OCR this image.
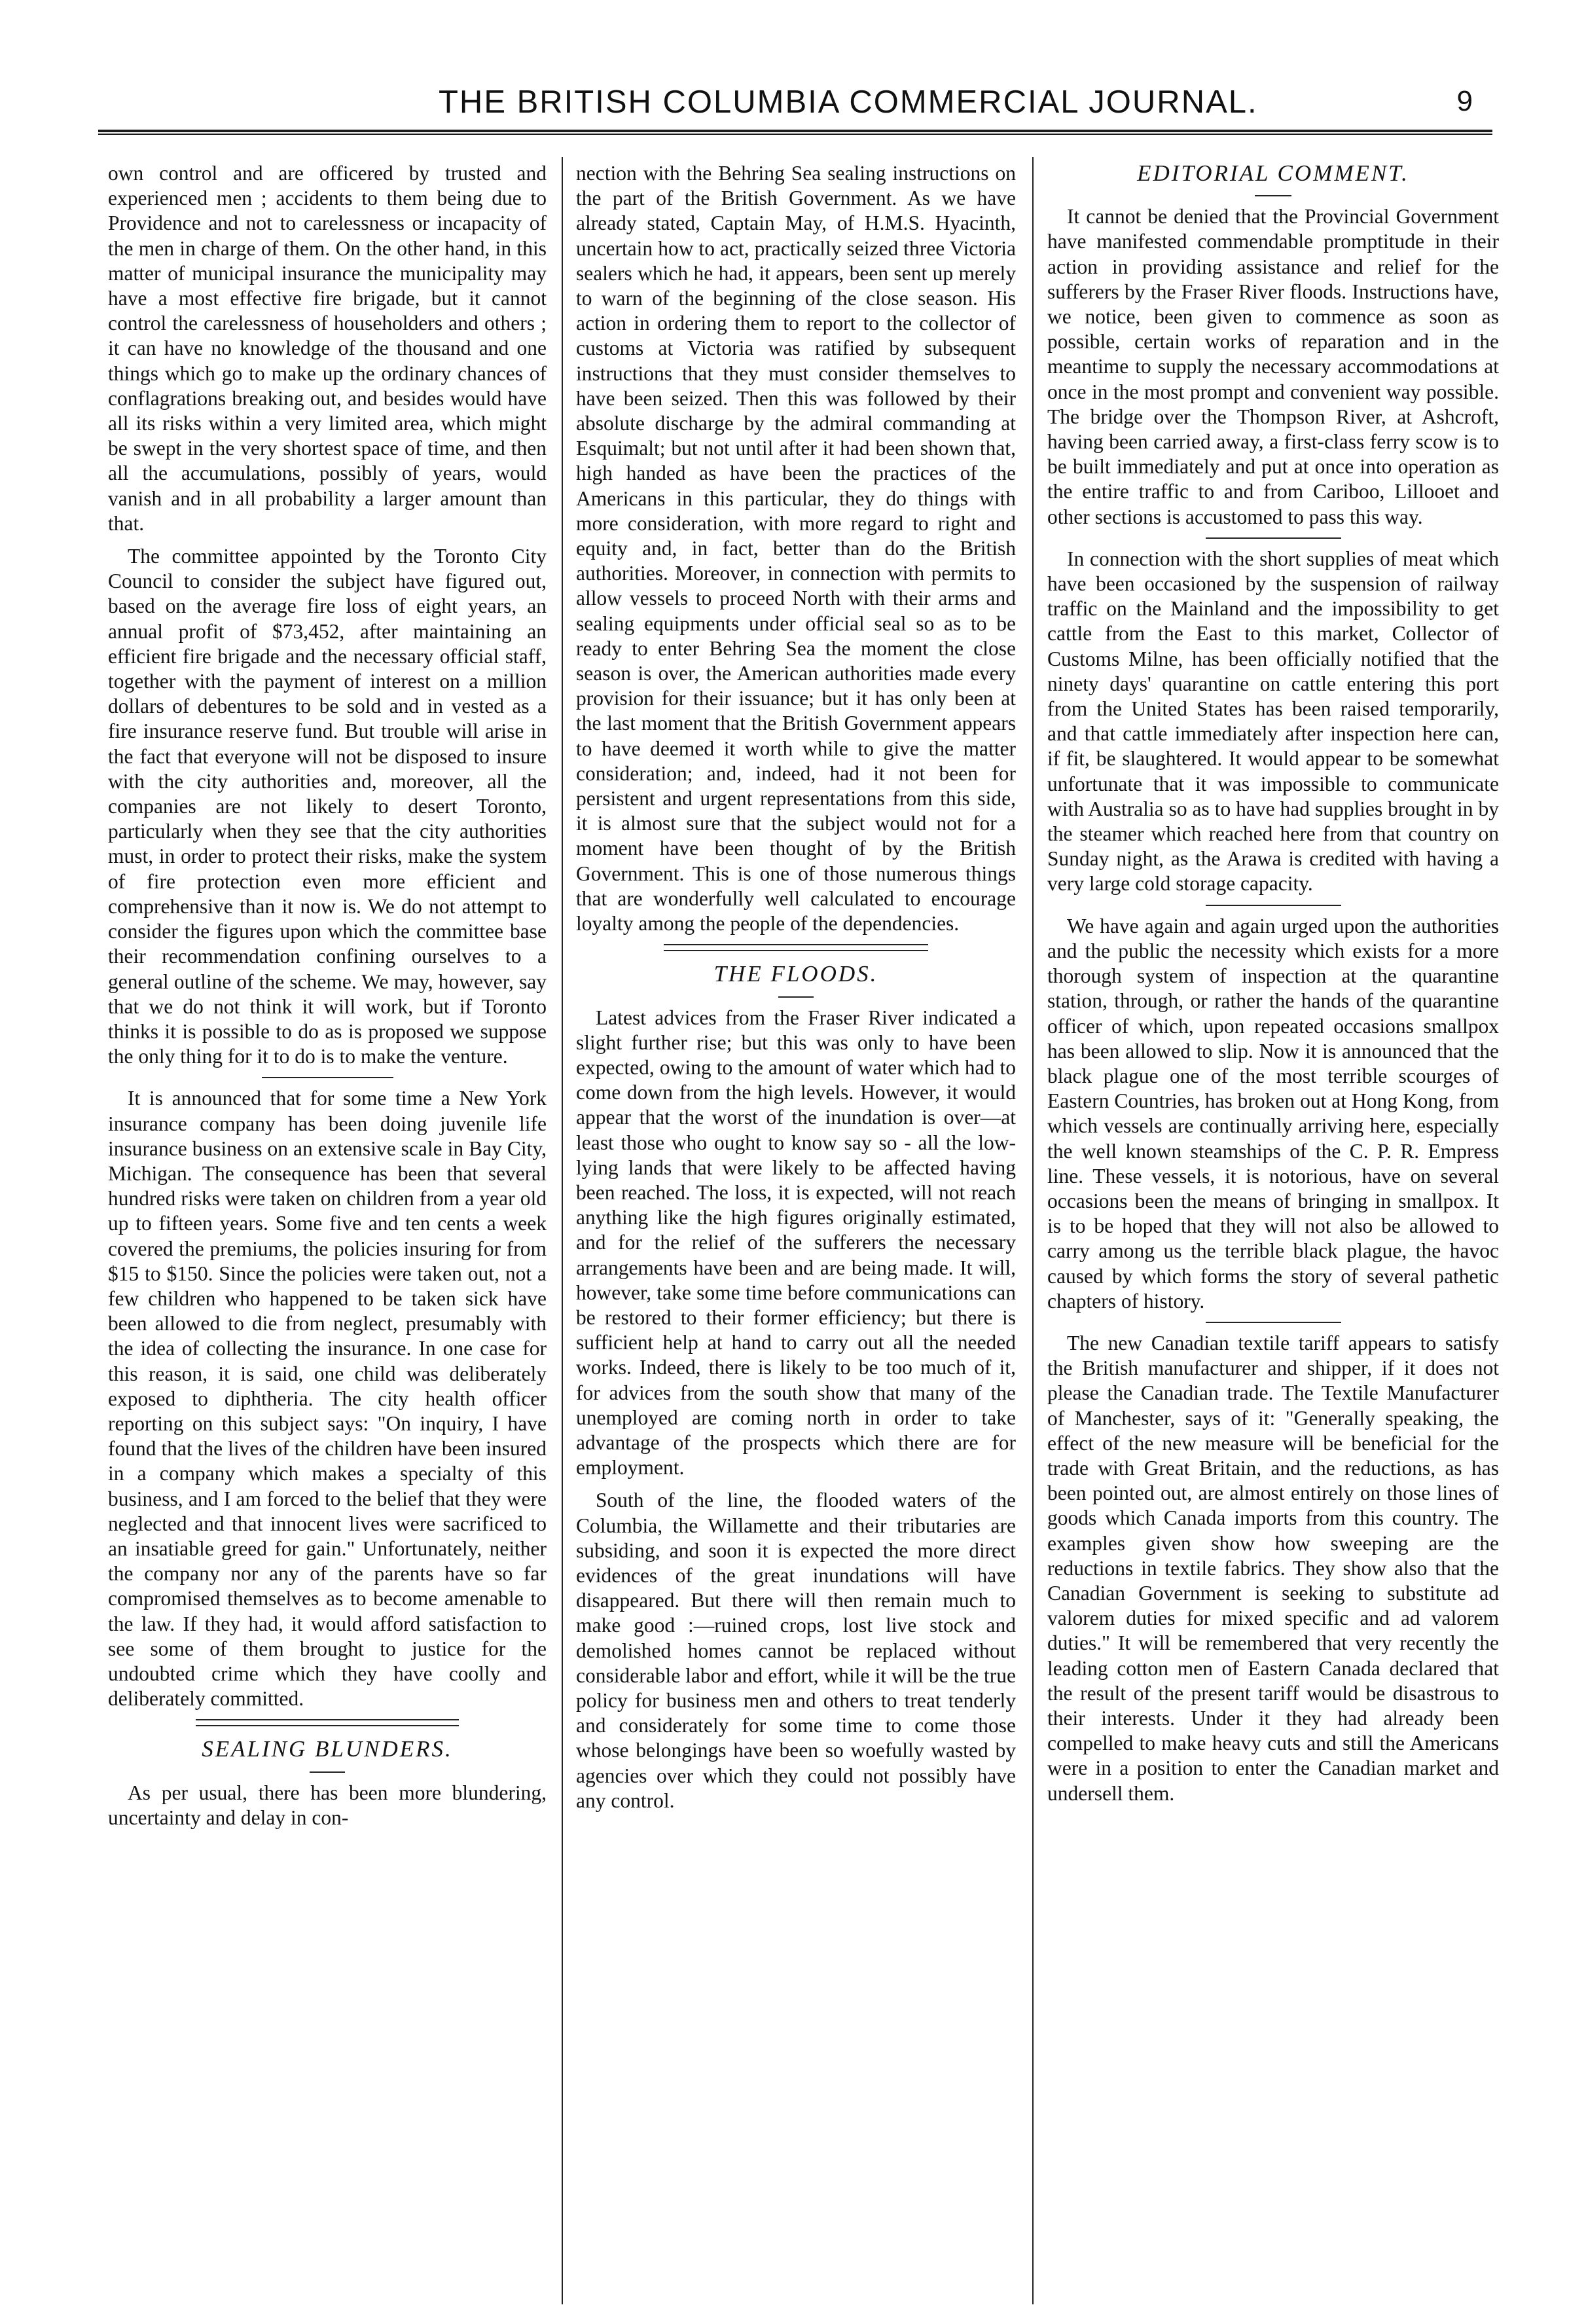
THE BRITISH COLUMBIA COMMERCIAL JOURNAL.	9

own control and are officered by trusted and experienced men ; accidents to them being due to Providence and not to carelessness or incapacity of the men in charge of them. On the other hand, in this matter of municipal insurance the municipality may have a most effective fire brigade, but it cannot control the carelessness of householders and others ; it can have no knowledge of the thousand and one things which go to make up the ordinary chances of conflagrations breaking out, and besides would have all its risks within a very limited area, which might be swept in the very shortest space of time, and then all the accumulations, possibly of years, would vanish and in all probability a larger amount than that.

The committee appointed by the Toronto City Council to consider the subject have figured out, based on the average fire loss of eight years, an annual profit of $73,452, after maintaining an efficient fire brigade and the necessary official staff, together with the payment of interest on a million dollars of debentures to be sold and in vested as a fire insurance reserve fund. But trouble will arise in the fact that everyone will not be disposed to insure with the city authorities and, moreover, all the companies are not likely to desert Toronto, particularly when they see that the city authorities must, in order to protect their risks, make the system of fire protection even more efficient and comprehensive than it now is. We do not attempt to consider the figures upon which the committee base their recommendation confining ourselves to a general outline of the scheme. We may, however, say that we do not think it will work, but if Toronto thinks it is possible to do as is proposed we suppose the only thing for it to do is to make the venture.

It is announced that for some time a New York insurance company has been doing juvenile life insurance business on an extensive scale in Bay City, Michigan. The consequence has been that several hundred risks were taken on children from a year old up to fifteen years. Some five and ten cents a week covered the premiums, the policies insuring for from $15 to $150. Since the policies were taken out, not a few children who happened to be taken sick have been allowed to die from neglect, presumably with the idea of collecting the insurance. In one case for this reason, it is said, one child was deliberately exposed to diphtheria. The city health officer reporting on this subject says: "On inquiry, I have found that the lives of the children have been insured in a company which makes a specialty of this business, and I am forced to the belief that they were neglected and that innocent lives were sacrificed to an insatiable greed for gain." Unfortunately, neither the company nor any of the parents have so far compromised themselves as to become amenable to the law. If they had, it would afford satisfaction to see some of them brought to justice for the undoubted crime which they have coolly and deliberately committed.

SEALING BLUNDERS.

As per usual, there has been more blundering, uncertainty and delay in con-

nection with the Behring Sea sealing instructions on the part of the British Government. As we have already stated, Captain May, of H.M.S. Hyacinth, uncertain how to act, practically seized three Victoria sealers which he had, it appears, been sent up merely to warn of the beginning of the close season. His action in ordering them to report to the collector of customs at Victoria was ratified by subsequent instructions that they must consider themselves to have been seized. Then this was followed by their absolute discharge by the admiral commanding at Esquimalt; but not until after it had been shown that, high handed as have been the practices of the Americans in this particular, they do things with more consideration, with more regard to right and equity and, in fact, better than do the British authorities. Moreover, in connection with permits to allow vessels to proceed North with their arms and sealing equipments under official seal so as to be ready to enter Behring Sea the moment the close season is over, the American authorities made every provision for their issuance; but it has only been at the last moment that the British Government appears to have deemed it worth while to give the matter consideration; and, indeed, had it not been for persistent and urgent representations from this side, it is almost sure that the subject would not for a moment have been thought of by the British Government. This is one of those numerous things that are wonderfully well calculated to encourage loyalty among the people of the dependencies.

THE FLOODS.

Latest advices from the Fraser River indicated a slight further rise; but this was only to have been expected, owing to the amount of water which had to come down from the high levels. However, it would appear that the worst of the inundation is over—at least those who ought to know say so - all the low-lying lands that were likely to be affected having been reached. The loss, it is expected, will not reach anything like the high figures originally estimated, and for the relief of the sufferers the necessary arrangements have been and are being made. It will, however, take some time before communications can be restored to their former efficiency; but there is sufficient help at hand to carry out all the needed works. Indeed, there is likely to be too much of it, for advices from the south show that many of the unemployed are coming north in order to take advantage of the prospects which there are for employment.

South of the line, the flooded waters of the Columbia, the Willamette and their tributaries are subsiding, and soon it is expected the more direct evidences of the great inundations will have disappeared. But there will then remain much to make good :—ruined crops, lost live stock and demolished homes cannot be replaced without considerable labor and effort, while it will be the true policy for business men and others to treat tenderly and considerately for some time to come those whose belongings have been so woefully wasted by agencies over which they could not possibly have any control.

EDITORIAL COMMENT.

It cannot be denied that the Provincial Government have manifested commendable promptitude in their action in providing assistance and relief for the sufferers by the Fraser River floods. Instructions have, we notice, been given to commence as soon as possible, certain works of reparation and in the meantime to supply the necessary accommodations at once in the most prompt and convenient way possible. The bridge over the Thompson River, at Ashcroft, having been carried away, a first-class ferry scow is to be built immediately and put at once into operation as the entire traffic to and from Cariboo, Lillooet and other sections is accustomed to pass this way.

In connection with the short supplies of meat which have been occasioned by the suspension of railway traffic on the Mainland and the impossibility to get cattle from the East to this market, Collector of Customs Milne, has been officially notified that the ninety days' quarantine on cattle entering this port from the United States has been raised temporarily, and that cattle immediately after inspection here can, if fit, be slaughtered. It would appear to be somewhat unfortunate that it was impossible to communicate with Australia so as to have had supplies brought in by the steamer which reached here from that country on Sunday night, as the Arawa is credited with having a very large cold storage capacity.

We have again and again urged upon the authorities and the public the necessity which exists for a more thorough system of inspection at the quarantine station, through, or rather the hands of the quarantine officer of which, upon repeated occasions smallpox has been allowed to slip. Now it is announced that the black plague one of the most terrible scourges of Eastern Countries, has broken out at Hong Kong, from which vessels are continually arriving here, especially the well known steamships of the C. P. R. Empress line. These vessels, it is notorious, have on several occasions been the means of bringing in smallpox. It is to be hoped that they will not also be allowed to carry among us the terrible black plague, the havoc caused by which forms the story of several pathetic chapters of history.

The new Canadian textile tariff appears to satisfy the British manufacturer and shipper, if it does not please the Canadian trade. The Textile Manufacturer of Manchester, says of it: "Generally speaking, the effect of the new measure will be beneficial for the trade with Great Britain, and the reductions, as has been pointed out, are almost entirely on those lines of goods which Canada imports from this country. The examples given show how sweeping are the reductions in textile fabrics. They show also that the Canadian Government is seeking to substitute ad valorem duties for mixed specific and ad valorem duties." It will be remembered that very recently the leading cotton men of Eastern Canada declared that the result of the present tariff would be disastrous to their interests. Under it they had already been compelled to make heavy cuts and still the Americans were in a position to enter the Canadian market and undersell them.
